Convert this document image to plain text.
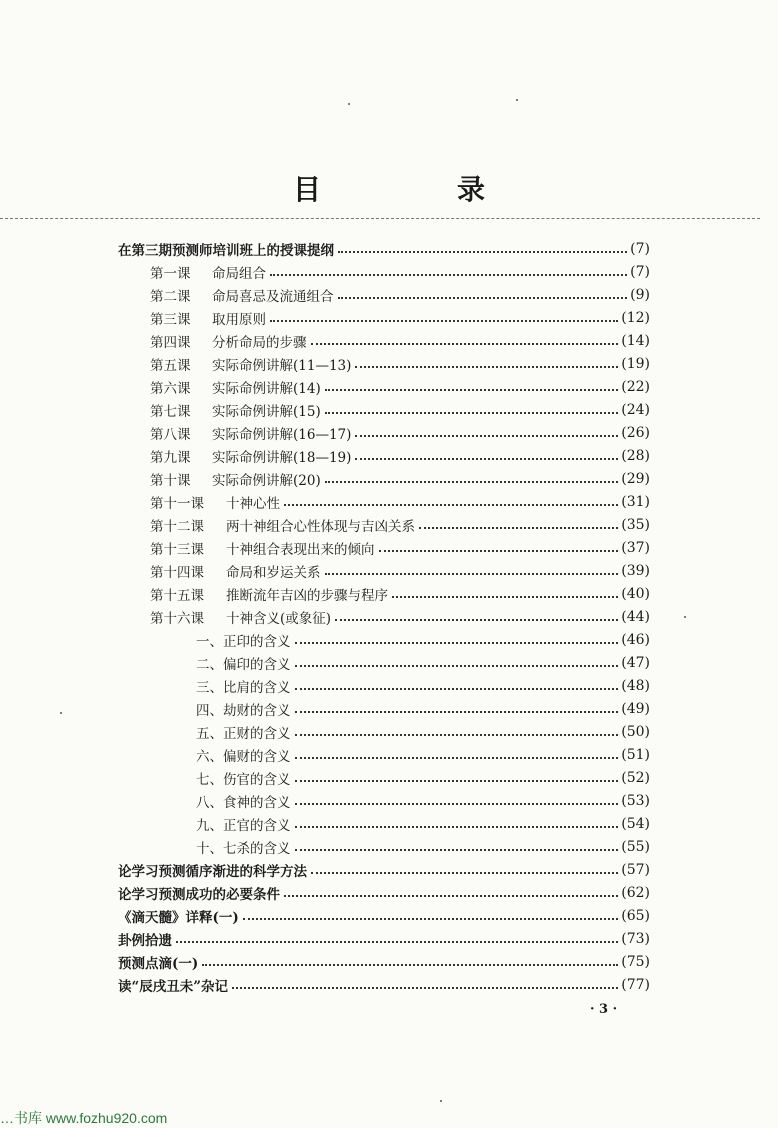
目　录
在第三期预测师培训班上的授课提纲	(7)
第一课 命局组合	(7)
第二课 命局喜忌及流通组合	(9)
第三课 取用原则	(12)
第四课 分析命局的步骤	(14)
第五课 实际命例讲解(11—13)	(19)
第六课 实际命例讲解(14)	(22)
第七课 实际命例讲解(15)	(24)
第八课 实际命例讲解(16—17)	(26)
第九课 实际命例讲解(18—19)	(28)
第十课 实际命例讲解(20)	(29)
第十一课 十神心性	(31)
第十二课 两十神组合心性体现与吉凶关系	(35)
第十三课 十神组合表现出来的倾向	(37)
第十四课 命局和岁运关系	(39)
第十五课 推断流年吉凶的步骤与程序	(40)
第十六课 十神含义(或象征)	(44)
一、正印的含义	(46)
二、偏印的含义	(47)
三、比肩的含义	(48)
四、劫财的含义	(49)
五、正财的含义	(50)
六、偏财的含义	(51)
七、伤官的含义	(52)
八、食神的含义	(53)
九、正官的含义	(54)
十、七杀的含义	(55)
论学习预测循序渐进的科学方法	(57)
论学习预测成功的必要条件	(62)
《滴天髓》详释(一)	(65)
卦例拾遗	(73)
预测点滴(一)	(75)
读“辰戌丑未”杂记	(77)
· 3 ·
…书库 www.fozhu920.com
